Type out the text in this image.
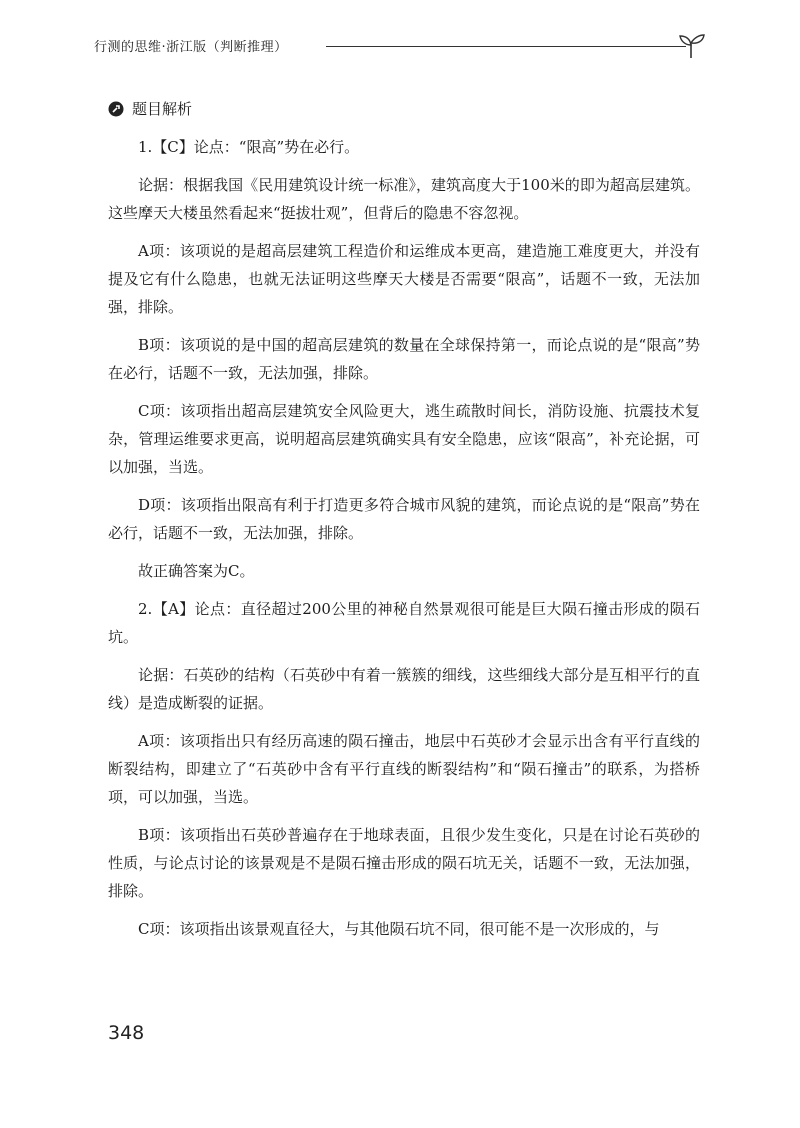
行测的思维·浙江版（判断推理）
题目解析

1.【C】论点：“限高”势在必行。

论据：根据我国《民用建筑设计统一标准》，建筑高度大于100米的即为超高层建筑。这些摩天大楼虽然看起来“挺拔壮观”，但背后的隐患不容忽视。

A项：该项说的是超高层建筑工程造价和运维成本更高，建造施工难度更大，并没有提及它有什么隐患，也就无法证明这些摩天大楼是否需要“限高”，话题不一致，无法加强，排除。

B项：该项说的是中国的超高层建筑的数量在全球保持第一，而论点说的是“限高”势在必行，话题不一致，无法加强，排除。

C项：该项指出超高层建筑安全风险更大，逃生疏散时间长，消防设施、抗震技术复杂，管理运维要求更高，说明超高层建筑确实具有安全隐患，应该“限高”，补充论据，可以加强，当选。

D项：该项指出限高有利于打造更多符合城市风貌的建筑，而论点说的是“限高”势在必行，话题不一致，无法加强，排除。

故正确答案为C。

2.【A】论点：直径超过200公里的神秘自然景观很可能是巨大陨石撞击形成的陨石坑。

论据：石英砂的结构（石英砂中有着一簇簇的细线，这些细线大部分是互相平行的直线）是造成断裂的证据。

A项：该项指出只有经历高速的陨石撞击，地层中石英砂才会显示出含有平行直线的断裂结构，即建立了“石英砂中含有平行直线的断裂结构”和“陨石撞击”的联系，为搭桥项，可以加强，当选。

B项：该项指出石英砂普遍存在于地球表面，且很少发生变化，只是在讨论石英砂的性质，与论点讨论的该景观是不是陨石撞击形成的陨石坑无关，话题不一致，无法加强，排除。

C项：该项指出该景观直径大，与其他陨石坑不同，很可能不是一次形成的，与

348
